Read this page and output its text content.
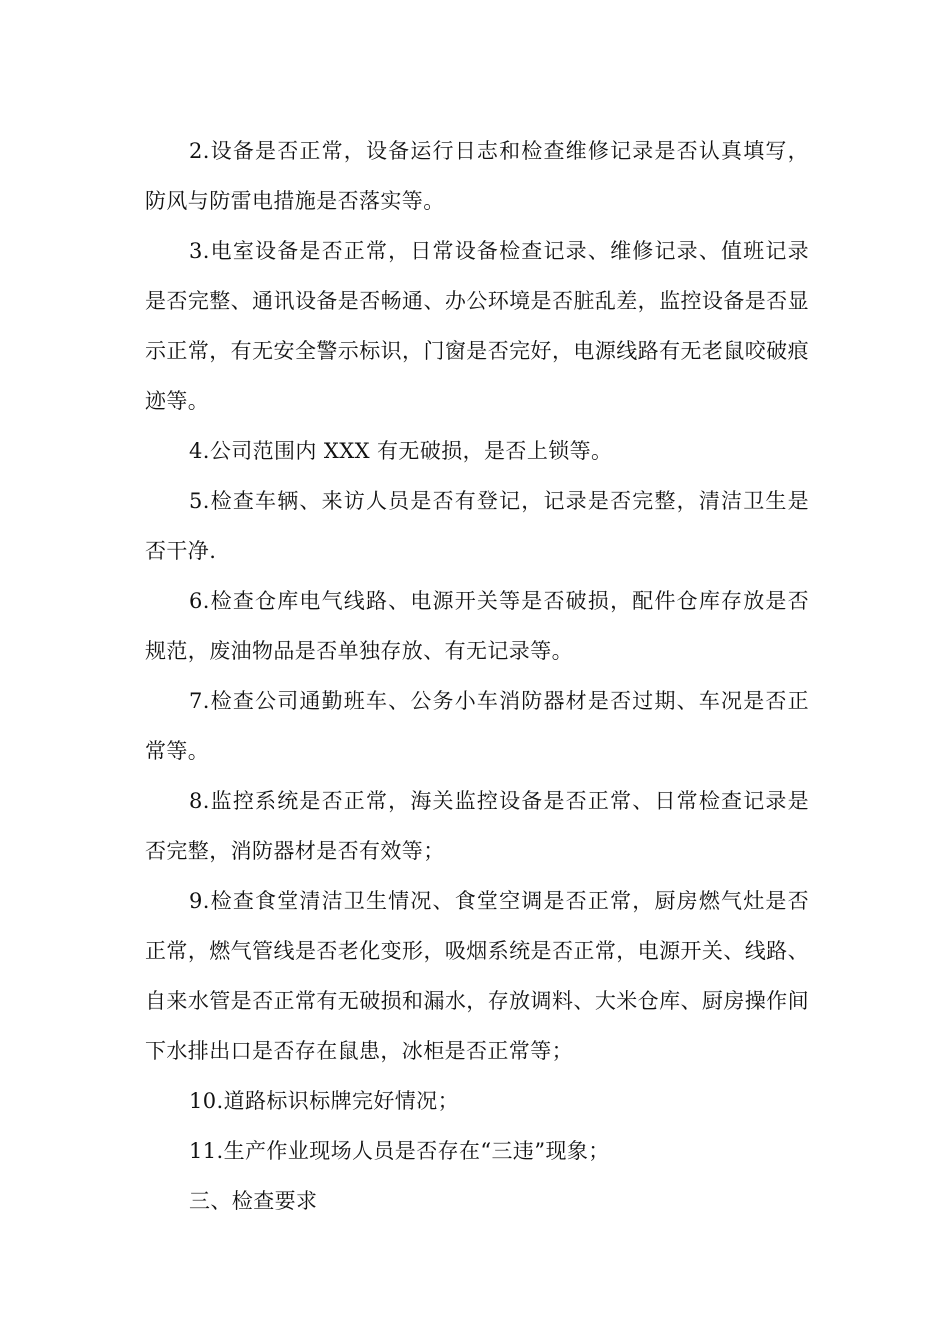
2.设备是否正常，设备运行日志和检查维修记录是否认真填写，防风与防雷电措施是否落实等。

3.电室设备是否正常，日常设备检查记录、维修记录、值班记录是否完整、通讯设备是否畅通、办公环境是否脏乱差，监控设备是否显示正常，有无安全警示标识，门窗是否完好，电源线路有无老鼠咬破痕迹等。

4.公司范围内 XXX 有无破损，是否上锁等。

5.检查车辆、来访人员是否有登记，记录是否完整，清洁卫生是否干净.

6.检查仓库电气线路、电源开关等是否破损，配件仓库存放是否规范，废油物品是否单独存放、有无记录等。

7.检查公司通勤班车、公务小车消防器材是否过期、车况是否正常等。

8.监控系统是否正常，海关监控设备是否正常、日常检查记录是否完整，消防器材是否有效等；

9.检查食堂清洁卫生情况、食堂空调是否正常，厨房燃气灶是否正常，燃气管线是否老化变形，吸烟系统是否正常，电源开关、线路、自来水管是否正常有无破损和漏水，存放调料、大米仓库、厨房操作间下水排出口是否存在鼠患，冰柜是否正常等；

10.道路标识标牌完好情况；

11.生产作业现场人员是否存在“三违”现象；

三、检查要求
